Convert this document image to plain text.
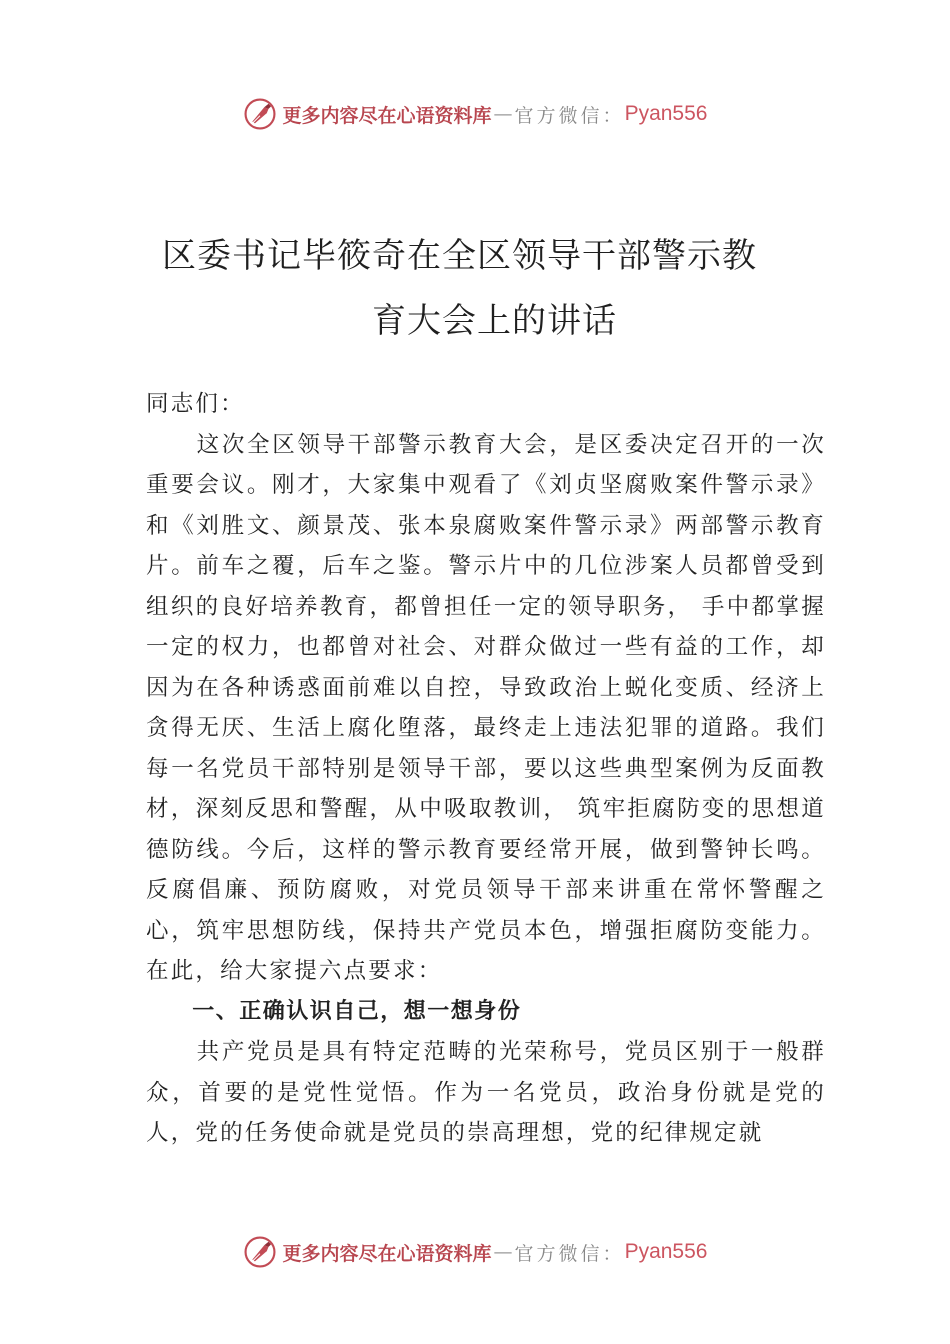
更多内容尽在心语资料库 — 官方微信： Pyan556
区委书记毕筱奇在全区领导干部警示教
育大会上的讲话

同志们：

这次全区领导干部警示教育大会，是区委决定召开的一次重要会议。刚才，大家集中观看了《刘贞坚腐败案件警示录》和《刘胜文、颜景茂、张本泉腐败案件警示录》两部警示教育片。前车之覆，后车之鉴。警示片中的几位涉案人员都曾受到组织的良好培养教育，都曾担任一定的领导职务， 手中都掌握一定的权力，也都曾对社会、对群众做过一些有益的工作，却因为在各种诱惑面前难以自控，导致政治上蜕化变质、经济上贪得无厌、生活上腐化堕落，最终走上违法犯罪的道路。我们每一名党员干部特别是领导干部，要以这些典型案例为反面教材，深刻反思和警醒，从中吸取教训， 筑牢拒腐防变的思想道德防线。今后，这样的警示教育要经常开展，做到警钟长鸣。反腐倡廉、预防腐败，对党员领导干部来讲重在常怀警醒之心，筑牢思想防线，保持共产党员本色，增强拒腐防变能力。在此，给大家提六点要求：

一、正确认识自己，想一想身份

共产党员是具有特定范畴的光荣称号，党员区别于一般群众，首要的是党性觉悟。作为一名党员，政治身份就是党的人，党的任务使命就是党员的崇高理想，党的纪律规定就

更多内容尽在心语资料库 — 官方微信： Pyan556
